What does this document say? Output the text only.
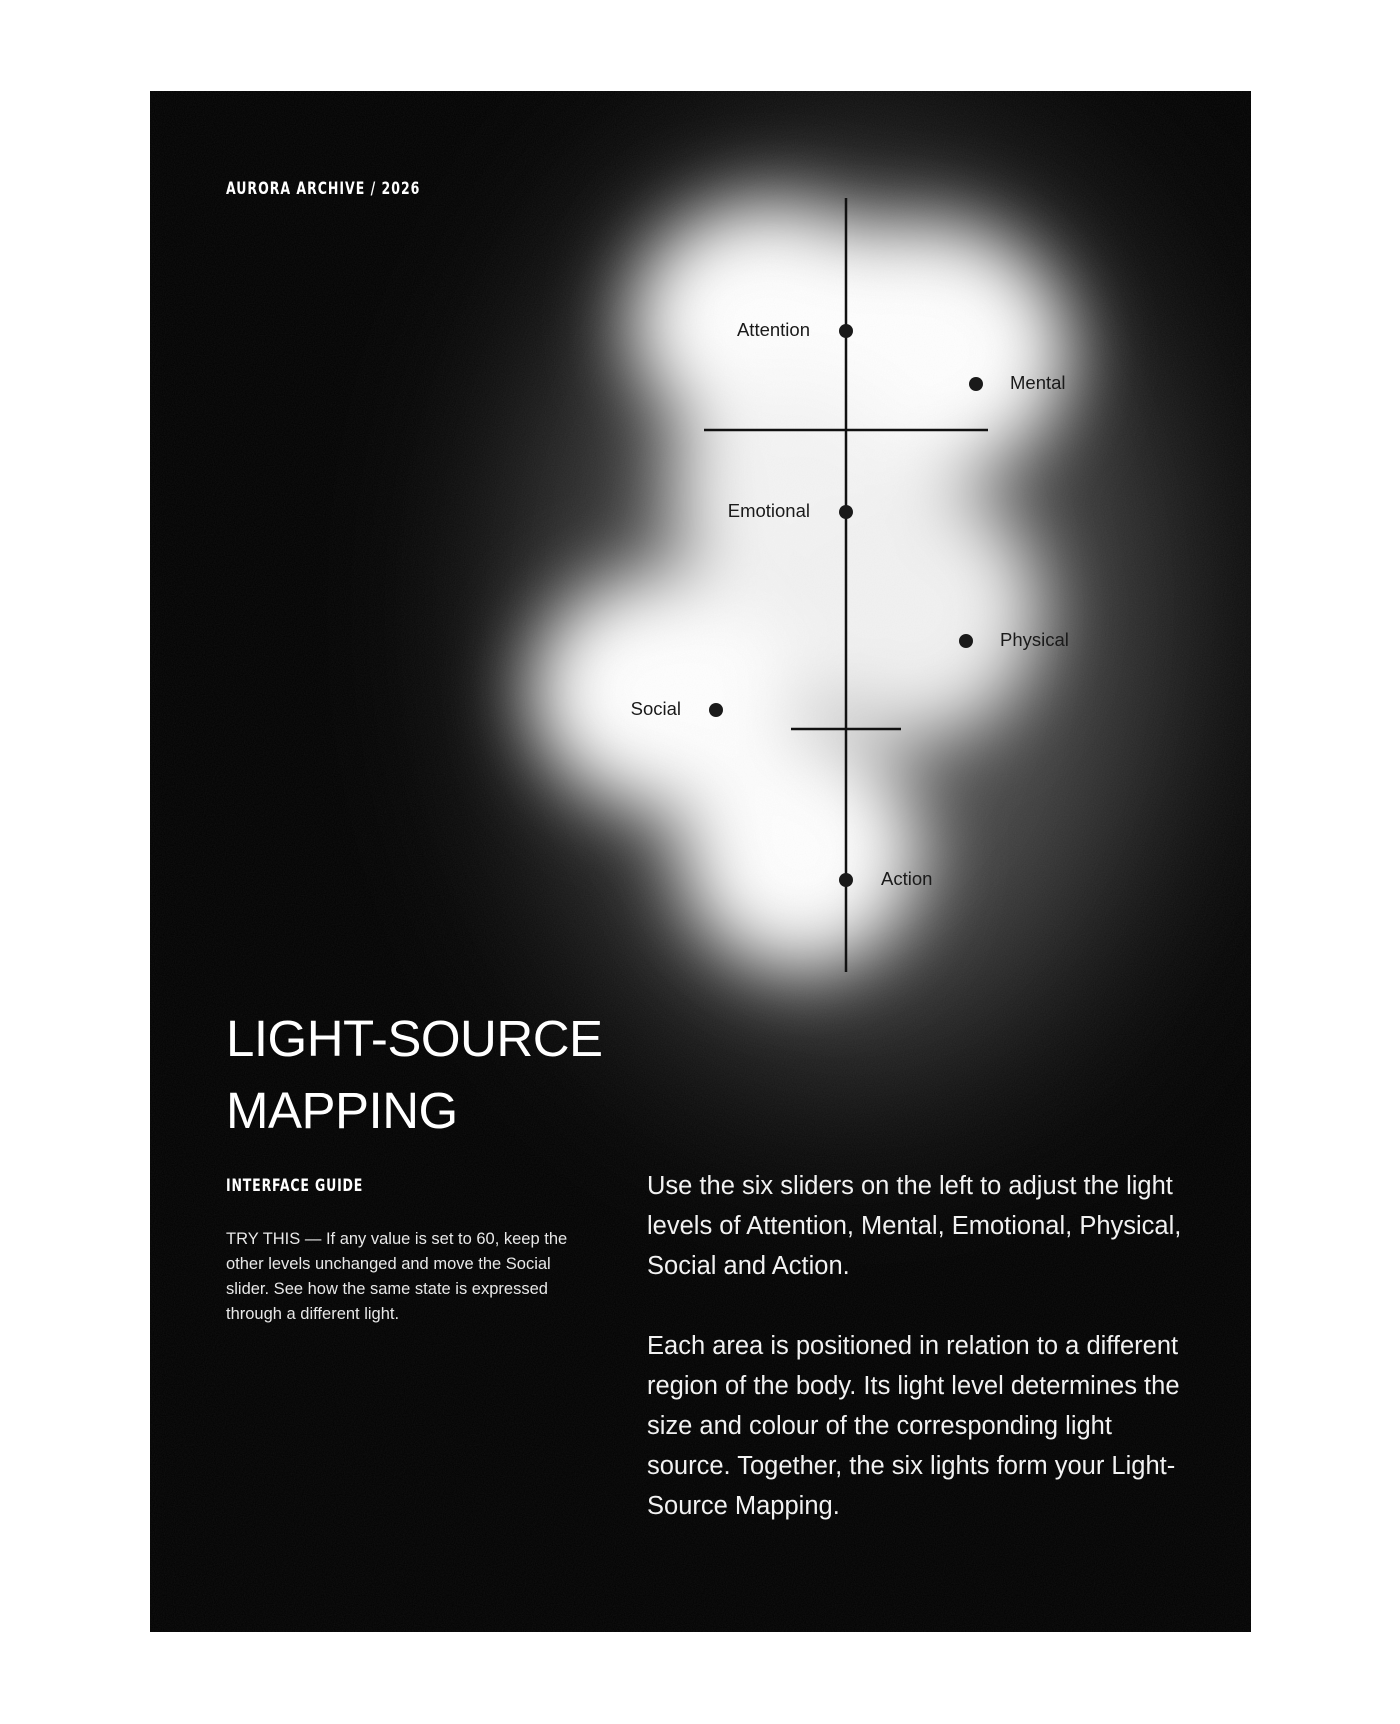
AURORA ARCHIVE / 2026
Attention
Mental
Emotional
Physical
Social
Action
LIGHT-SOURCE
MAPPING
INTERFACE GUIDE

TRY THIS — If any value is set to 60, keep the other levels unchanged and move the Social slider. See how the same state is expressed through a different light.

Use the six sliders on the left to adjust the light levels of Attention, Mental, Emotional, Physical, Social and Action.

Each area is positioned in relation to a different region of the body. Its light level determines the size and colour of the corresponding light source. Together, the six lights form your Light-Source Mapping.
